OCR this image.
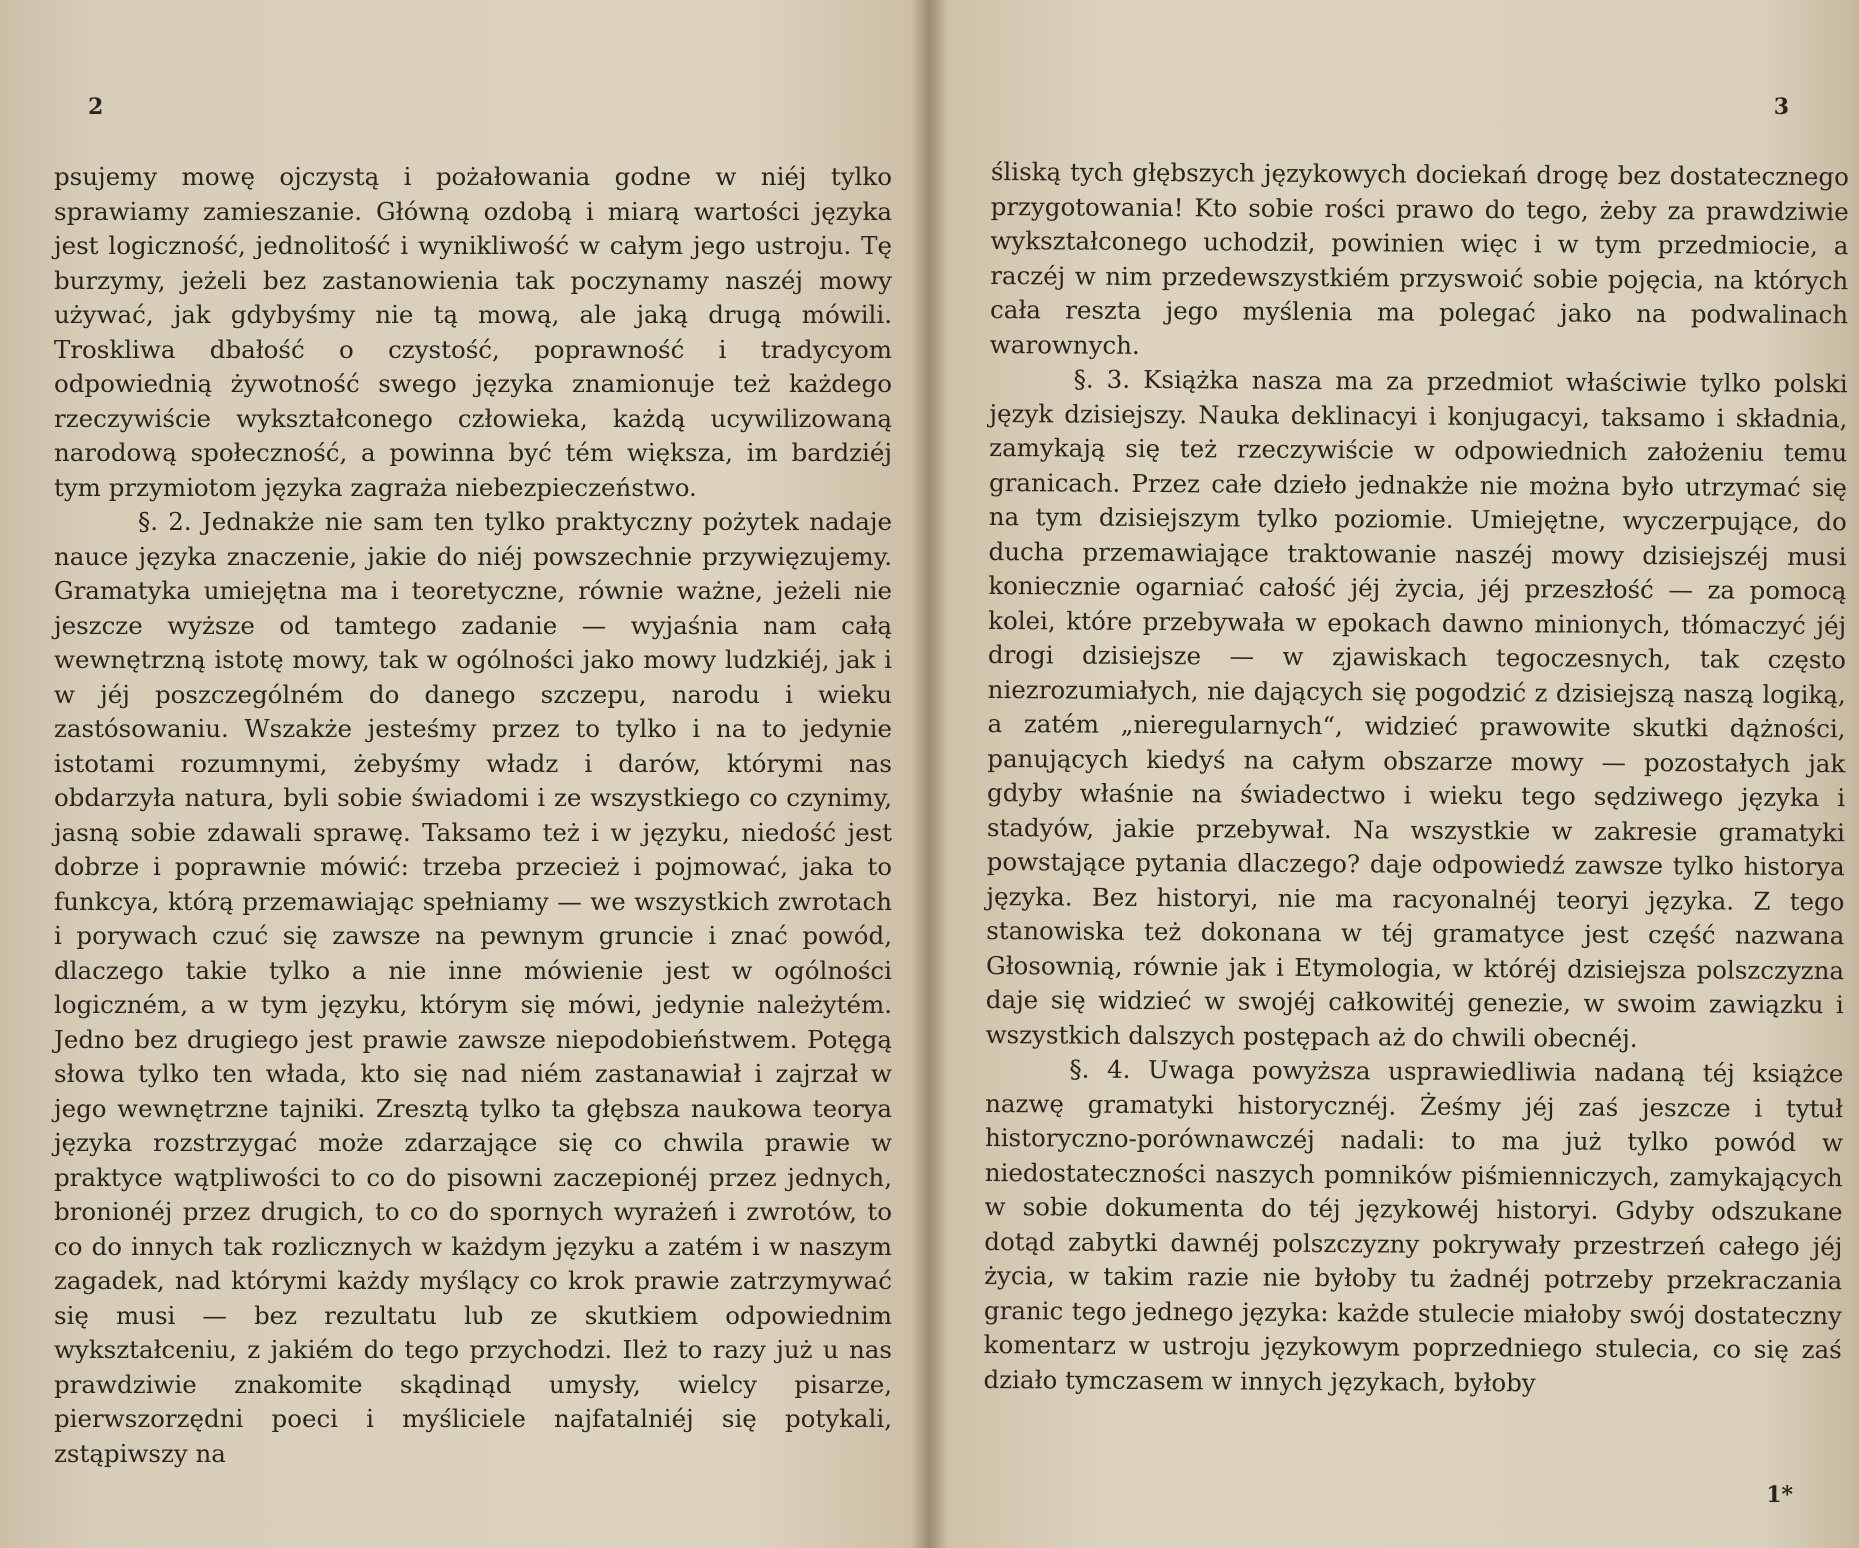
2

psujemy mowę ojczystą i pożałowania godne w niéj tylko sprawiamy zamieszanie. Główną ozdobą i miarą wartości języka jest logiczność, jednolitość i wynikliwość w całym jego ustroju. Tę burzymy, jeżeli bez zastanowienia tak poczynamy naszéj mowy używać, jak gdybyśmy nie tą mową, ale jaką drugą mówili. Troskliwa dbałość o czystość, poprawność i tradycyom odpowiednią żywotność swego języka znamionuje też każdego rzeczywiście wykształconego człowieka, każdą ucywilizowaną narodową społeczność, a powinna być tém większa, im bardziéj tym przymiotom języka zagraża niebezpieczeństwo.

§. 2. Jednakże nie sam ten tylko praktyczny pożytek nadaje nauce języka znaczenie, jakie do niéj powszechnie przywięzujemy. Gramatyka umiejętna ma i teoretyczne, równie ważne, jeżeli nie jeszcze wyższe od tamtego zadanie — wyjaśnia nam całą wewnętrzną istotę mowy, tak w ogólności jako mowy ludzkiéj, jak i w jéj poszczególném do danego szczepu, narodu i wieku zastósowaniu. Wszakże jesteśmy przez to tylko i na to jedynie istotami rozumnymi, żebyśmy władz i darów, którymi nas obdarzyła natura, byli sobie świadomi i ze wszystkiego co czynimy, jasną sobie zdawali sprawę. Taksamo też i w języku, niedość jest dobrze i poprawnie mówić: trzeba przecież i pojmować, jaka to funkcya, którą przemawiając spełniamy — we wszystkich zwrotach i porywach czuć się zawsze na pewnym gruncie i znać powód, dlaczego takie tylko a nie inne mówienie jest w ogólności logiczném, a w tym języku, którym się mówi, jedynie należytém. Jedno bez drugiego jest prawie zawsze niepodobieństwem. Potęgą słowa tylko ten włada, kto się nad niém zastanawiał i zajrzał w jego wewnętrzne tajniki. Zresztą tylko ta głębsza naukowa teorya języka rozstrzygać może zdarzające się co chwila prawie w praktyce wątpliwości to co do pisowni zaczepionéj przez jednych, bronionéj przez drugich, to co do spornych wyrażeń i zwrotów, to co do innych tak rozlicznych w każdym języku a zatém i w naszym zagadek, nad którymi każdy myślący co krok prawie zatrzymywać się musi — bez rezultatu lub ze skutkiem odpowiednim wykształceniu, z jakiém do tego przychodzi. Ileż to razy już u nas prawdziwie znakomite skądinąd umysły, wielcy pisarze, pierwszorzędni poeci i myśliciele najfatalniéj się potykali, zstąpiwszy na

3

śliską tych głębszych językowych dociekań drogę bez dostatecznego przygotowania! Kto sobie rości prawo do tego, żeby za prawdziwie wykształconego uchodził, powinien więc i w tym przedmiocie, a raczéj w nim przedewszystkiém przyswoić sobie pojęcia, na których cała reszta jego myślenia ma polegać jako na podwalinach warownych.

§. 3. Książka nasza ma za przedmiot właściwie tylko polski język dzisiejszy. Nauka deklinacyi i konjugacyi, taksamo i składnia, zamykają się też rzeczywiście w odpowiednich założeniu temu granicach. Przez całe dzieło jednakże nie można było utrzymać się na tym dzisiejszym tylko poziomie. Umiejętne, wyczerpujące, do ducha przemawiające traktowanie naszéj mowy dzisiejszéj musi koniecznie ogarniać całość jéj życia, jéj przeszłość — za pomocą kolei, które przebywała w epokach dawno minionych, tłómaczyć jéj drogi dzisiejsze — w zjawiskach tegoczesnych, tak często niezrozumiałych, nie dających się pogodzić z dzisiejszą naszą logiką, a zatém „nieregularnych“, widzieć prawowite skutki dążności, panujących kiedyś na całym obszarze mowy — pozostałych jak gdyby właśnie na świadectwo i wieku tego sędziwego języka i stadyów, jakie przebywał. Na wszystkie w zakresie gramatyki powstające pytania dlaczego? daje odpowiedź zawsze tylko historya języka. Bez historyi, nie ma racyonalnéj teoryi języka. Z tego stanowiska też dokonana w téj gramatyce jest część nazwana Głosownią, równie jak i Etymologia, w któréj dzisiejsza polszczyzna daje się widzieć w swojéj całkowitéj genezie, w swoim zawiązku i wszystkich dalszych postępach aż do chwili obecnéj.

§. 4. Uwaga powyższa usprawiedliwia nadaną téj książce nazwę gramatyki historycznéj. Żeśmy jéj zaś jeszcze i tytuł historyczno-porównawczéj nadali: to ma już tylko powód w niedostateczności naszych pomników piśmienniczych, zamykających w sobie dokumenta do téj językowéj historyi. Gdyby odszukane dotąd zabytki dawnéj polszczyzny pokrywały przestrzeń całego jéj życia, w takim razie nie byłoby tu żadnéj potrzeby przekraczania granic tego jednego języka: każde stulecie miałoby swój dostateczny komentarz w ustroju językowym poprzedniego stulecia, co się zaś działo tymczasem w innych językach, byłoby

1*
